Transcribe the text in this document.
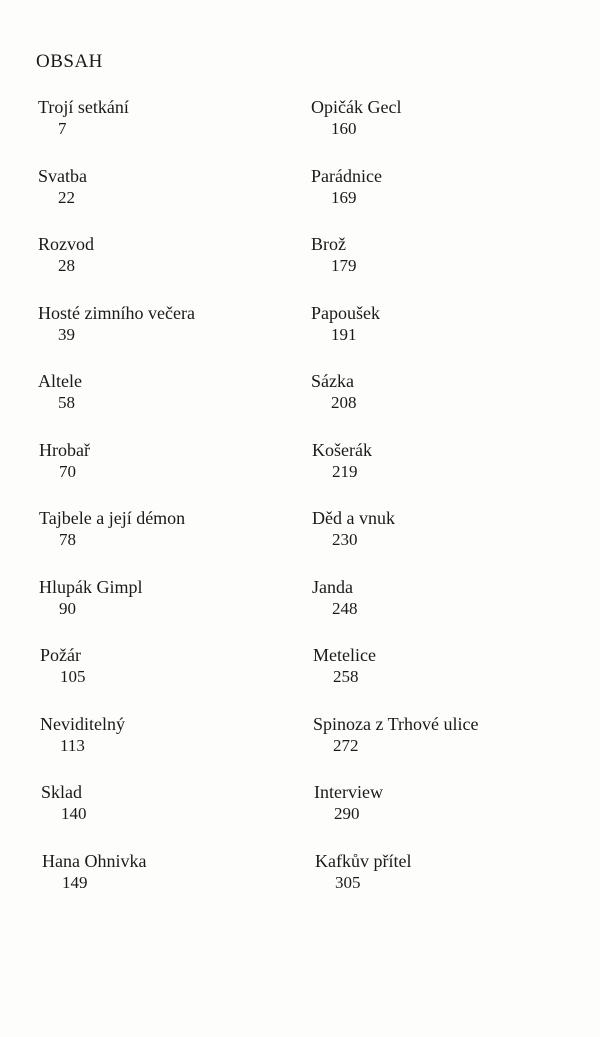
OBSAH
Trojí setkání
7
Svatba
22
Rozvod
28
Hosté zimního večera
39
Altele
58
Hrobař
70
Tajbele a její démon
78
Hlupák Gimpl
90
Požár
105
Neviditelný
113
Sklad
140
Hana Ohnivka
149
Opičák Gecl
160
Parádnice
169
Brož
179
Papoušek
191
Sázka
208
Košerák
219
Děd a vnuk
230
Janda
248
Metelice
258
Spinoza z Trhové ulice
272
Interview
290
Kafkův přítel
305
